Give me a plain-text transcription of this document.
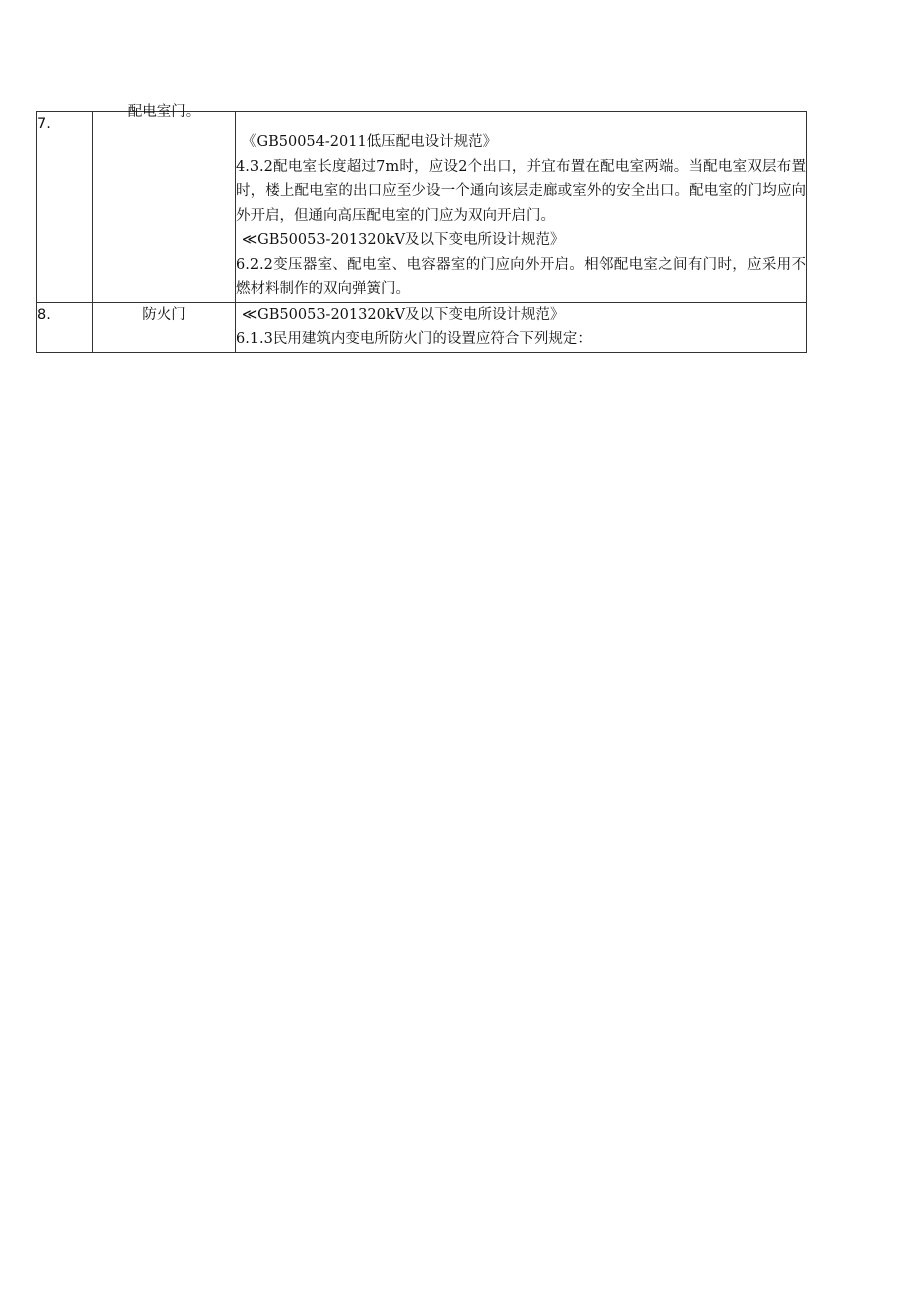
7.	配电室门。	《GB50054-2011低压配电设计规范》

4.3.2配电室长度超过7m时，应设2个出口，并宜布置在配电室两端。当配电室双层布置时，楼上配电室的出口应至少设一个通向该层走廊或室外的安全出口。配电室的门均应向外开启，但通向高压配电室的门应为双向开启门。

≪GB50053-201320kV及以下变电所设计规范》

6.2.2变压器室、配电室、电容器室的门应向外开启。相邻配电室之间有门时，应采用不燃材料制作的双向弹簧门。

8.	防火门	≪GB50053-201320kV及以下变电所设计规范》

6.1.3民用建筑内变电所防火门的设置应符合下列规定：
